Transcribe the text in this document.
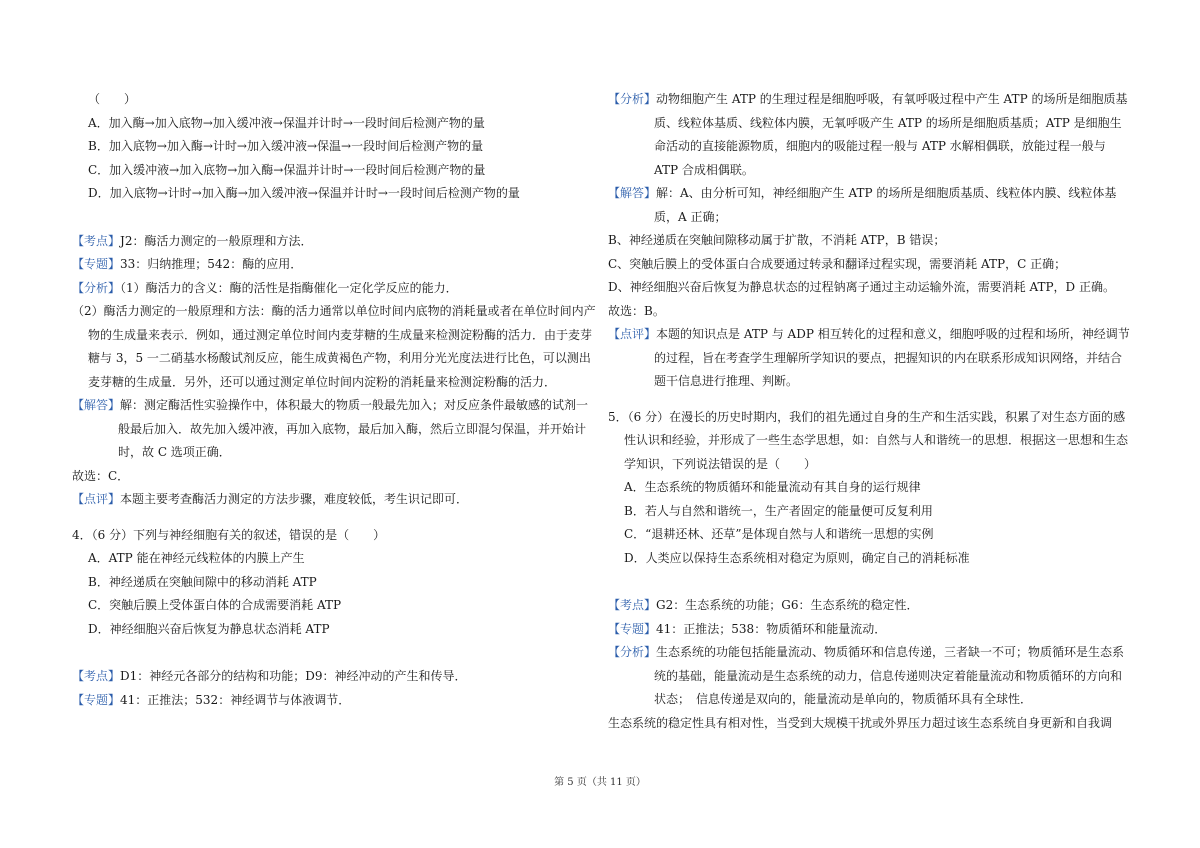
（　　）

A．加入酶→加入底物→加入缓冲液→保温并计时→一段时间后检测产物的量

B．加入底物→加入酶→计时→加入缓冲液→保温→一段时间后检测产物的量

C．加入缓冲液→加入底物→加入酶→保温并计时→一段时间后检测产物的量

D．加入底物→计时→加入酶→加入缓冲液→保温并计时→一段时间后检测产物的量

【考点】J2：酶活力测定的一般原理和方法．

【专题】33：归纳推理；542：酶的应用．

【分析】（1）酶活力的含义：酶的活性是指酶催化一定化学反应的能力．

（2）酶活力测定的一般原理和方法：酶的活力通常以单位时间内底物的消耗量或者在单位时间内产物的生成量来表示．例如，通过测定单位时间内麦芽糖的生成量来检测淀粉酶的活力．由于麦芽糖与 3，5 一二硝基水杨酸试剂反应，能生成黄褐色产物，利用分光光度法进行比色，可以测出麦芽糖的生成量．另外，还可以通过测定单位时间内淀粉的消耗量来检测淀粉酶的活力．

【解答】解：测定酶活性实验操作中，体积最大的物质一般最先加入；对反应条件最敏感的试剂一般最后加入．故先加入缓冲液，再加入底物，最后加入酶，然后立即混匀保温，并开始计时，故 C 选项正确．

故选：C．

【点评】本题主要考查酶活力测定的方法步骤，难度较低，考生识记即可．

4．（6 分）下列与神经细胞有关的叙述，错误的是（　　）

A．ATP 能在神经元线粒体的内膜上产生

B．神经递质在突触间隙中的移动消耗 ATP

C．突触后膜上受体蛋白体的合成需要消耗 ATP

D．神经细胞兴奋后恢复为静息状态消耗 ATP

【考点】D1：神经元各部分的结构和功能；D9：神经冲动的产生和传导．

【专题】41：正推法；532：神经调节与体液调节．

【分析】动物细胞产生 ATP 的生理过程是细胞呼吸，有氧呼吸过程中产生 ATP 的场所是细胞质基质、线粒体基质、线粒体内膜，无氧呼吸产生 ATP 的场所是细胞质基质；ATP 是细胞生命活动的直接能源物质，细胞内的吸能过程一般与 ATP 水解相偶联，放能过程一般与 ATP 合成相偶联。

【解答】解：A、由分析可知，神经细胞产生 ATP 的场所是细胞质基质、线粒体内膜、线粒体基质，A 正确；

B、神经递质在突触间隙移动属于扩散，不消耗 ATP，B 错误；

C、突触后膜上的受体蛋白合成要通过转录和翻译过程实现，需要消耗 ATP，C 正确；

D、神经细胞兴奋后恢复为静息状态的过程钠离子通过主动运输外流，需要消耗 ATP，D 正确。

故选：B。

【点评】本题的知识点是 ATP 与 ADP 相互转化的过程和意义，细胞呼吸的过程和场所，神经调节的过程，旨在考查学生理解所学知识的要点，把握知识的内在联系形成知识网络，并结合题干信息进行推理、判断。

5．（6 分）在漫长的历史时期内，我们的祖先通过自身的生产和生活实践，积累了对生态方面的感性认识和经验，并形成了一些生态学思想，如：自然与人和谐统一的思想．根据这一思想和生态学知识，下列说法错误的是（　　）

A．生态系统的物质循环和能量流动有其自身的运行规律

B．若人与自然和谐统一，生产者固定的能量便可反复利用

C．“退耕还林、还草”是体现自然与人和谐统一思想的实例

D．人类应以保持生态系统相对稳定为原则，确定自己的消耗标准

【考点】G2：生态系统的功能；G6：生态系统的稳定性．

【专题】41：正推法；538：物质循环和能量流动．

【分析】生态系统的功能包括能量流动、物质循环和信息传递，三者缺一不可；物质循环是生态系统的基础，能量流动是生态系统的动力，信息传递则决定着能量流动和物质循环的方向和状态；　信息传递是双向的，能量流动是单向的，物质循环具有全球性．

生态系统的稳定性具有相对性，当受到大规模干扰或外界压力超过该生态系统自身更新和自我调

第 5 页（共 11 页）
